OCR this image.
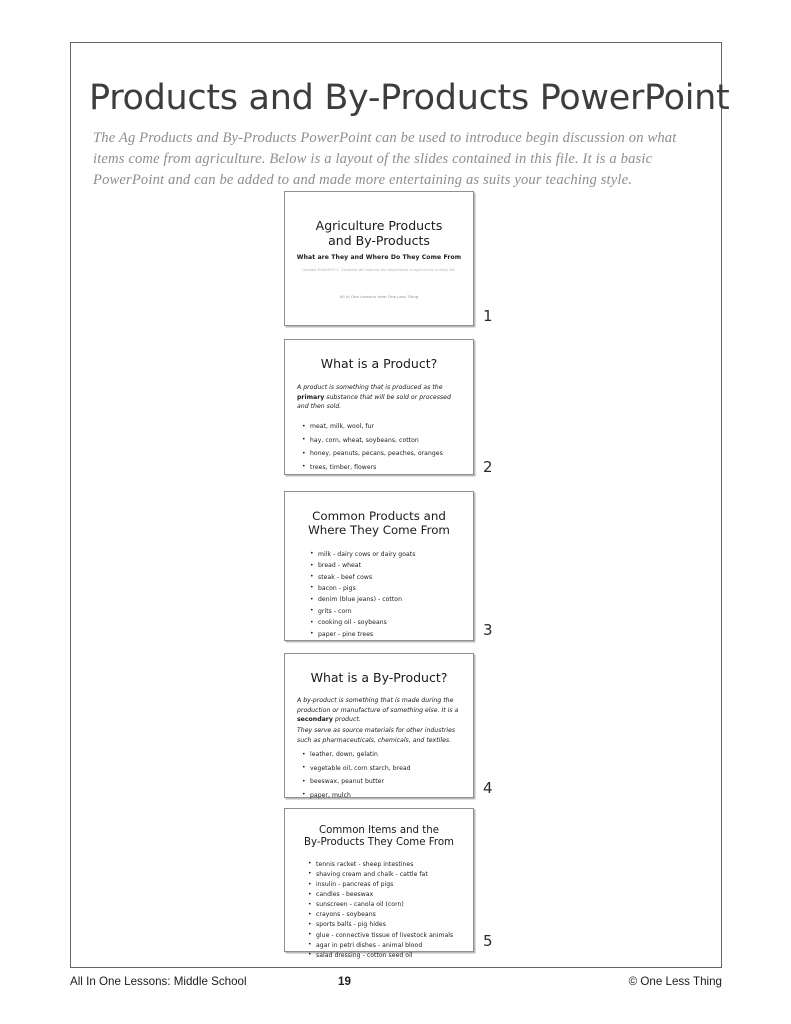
Products and By-Products PowerPoint

The Ag Products and By-Products PowerPoint can be used to introduce begin discussion on what items come from agriculture. Below is a layout of the slides contained in this file. It is a basic PowerPoint and can be added to and made more entertaining as suits your teaching style.

Agriculture Products
and By-Products
What are They and Where Do They Come From
Georgia MSAGED7-1: Students will express the importance of agriculture in daily life.
All In One Lessons from One Less Thing
1
What is a Product?
A product is something that is produced as the primary substance that will be sold or processed and then sold.
• meat, milk, wool, fur
• hay, corn, wheat, soybeans, cotton
• honey, peanuts, pecans, peaches, oranges
• trees, timber, flowers	2
Common Products and
Where They Come From
• milk - dairy cows or dairy goats
• bread - wheat
• steak - beef cows
• bacon - pigs
• denim (blue jeans) - cotton
• grits - corn
• cooking oil - soybeans
• paper - pine trees	3
What is a By-Product?
A by-product is something that is made during the production or manufacture of something else. It is a secondary product.
They serve as source materials for other industries such as pharmaceuticals, chemicals, and textiles.
• leather, down, gelatin
• vegetable oil, corn starch, bread
• beeswax, peanut butter
• paper, mulch	4
Common Items and the
By-Products They Come From
• tennis racket - sheep intestines
• shaving cream and chalk - cattle fat
• insulin - pancreas of pigs
• candles - beeswax
• sunscreen - canola oil (corn)
• crayons - soybeans
• sports balls - pig hides
• glue - connective tissue of livestock animals
• agar in petri dishes - animal blood
• salad dressing - cotton seed oil
5
All In One Lessons: Middle School	19	© One Less Thing
